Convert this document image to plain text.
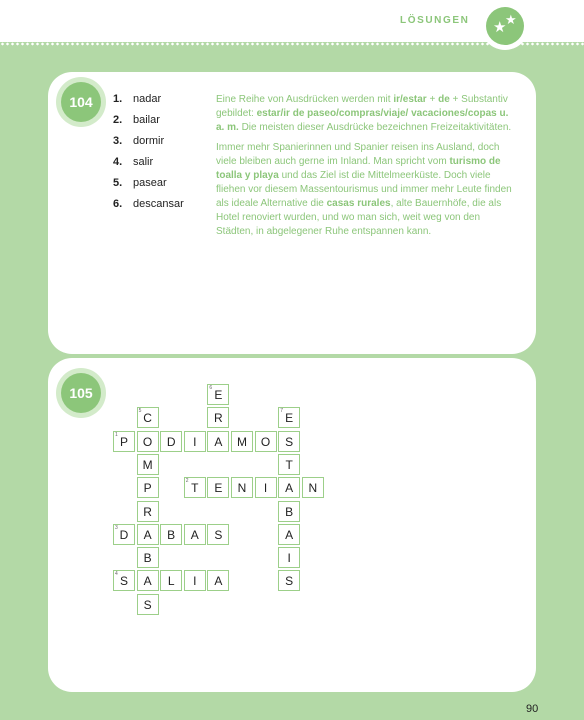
LÖSUNGEN ★
★
104	1. nadar
2. bailar
3. dormir
4. salir
5. pasear
6. descansar

Eine Reihe von Ausdrücken werden mit ir/estar + de + Substantiv gebildet: estar/ir de paseo/compras/viaje/ vacaciones/copas u. a. m. Die meisten dieser Ausdrücke bezeichnen Freizeitaktivitäten.

Immer mehr Spanierinnen und Spanier reisen ins Ausland, doch viele bleiben auch gerne im Inland. Man spricht vom turismo de toalla y playa und das Ziel ist die Mittelmeerküste. Doch viele fliehen vor diesem Massentourismus und immer mehr Leute finden als ideale Alternative die casas rurales, alte Bauernhöfe, die als Hotel renoviert wurden, und wo man sich, weit weg von den Städten, in abgelegener Ruhe entspannen kann.

105
P	O	D	I	A	M	O	S
T	E	N	I	A	N
D	A	B	A	S
S	A	L	I	A
C
M
P
R
B
S
E
R	E
T
B
A
I
S
1
2
3
4
5
6
7
90
